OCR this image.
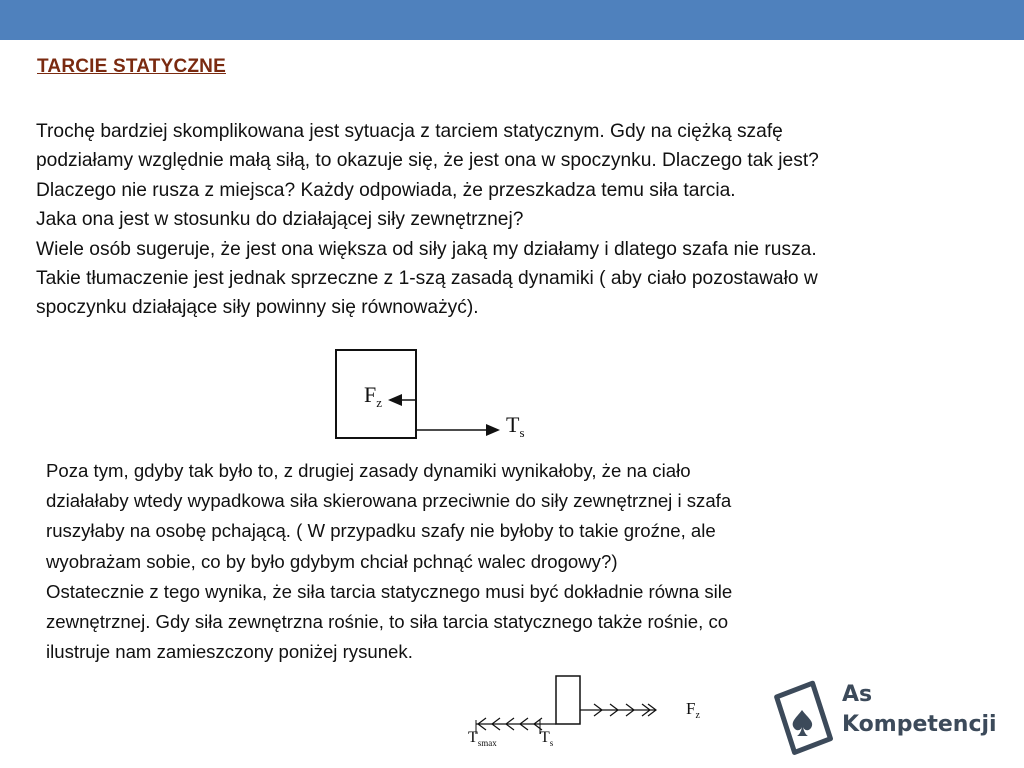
TARCIE STATYCZNE

Trochę bardziej skomplikowana jest sytuacja z tarciem statycznym. Gdy na ciężką szafę

podziałamy względnie małą siłą, to okazuje się, że jest ona w spoczynku. Dlaczego tak jest?

Dlaczego nie rusza z miejsca? Każdy odpowiada, że przeszkadza temu siła tarcia.

Jaka ona jest w stosunku do działającej siły zewnętrznej?

Wiele osób sugeruje, że jest ona większa od siły jaką my działamy i dlatego szafa nie rusza.

Takie tłumaczenie jest jednak sprzeczne z 1-szą zasadą dynamiki ( aby ciało pozostawało w

spoczynku działające siły powinny się równoważyć).

$F_z$
$T_s$

Poza tym, gdyby tak było to, z drugiej zasady dynamiki wynikałoby, że na ciało

działałaby wtedy wypadkowa siła skierowana przeciwnie do siły zewnętrznej i szafa

ruszyłaby na osobę pchającą. ( W przypadku szafy nie byłoby to takie groźne, ale

wyobrażam sobie, co by było gdybym chciał pchnąć walec drogowy?)

Ostatecznie z tego wynika, że siła tarcia statycznego musi być dokładnie równa sile

zewnętrznej. Gdy siła zewnętrzna rośnie, to siła tarcia statycznego także rośnie, co

ilustruje nam zamieszczony poniżej rysunek.

$F_z$
$T_{smax}$	$T_s$
As
Kompetencji
